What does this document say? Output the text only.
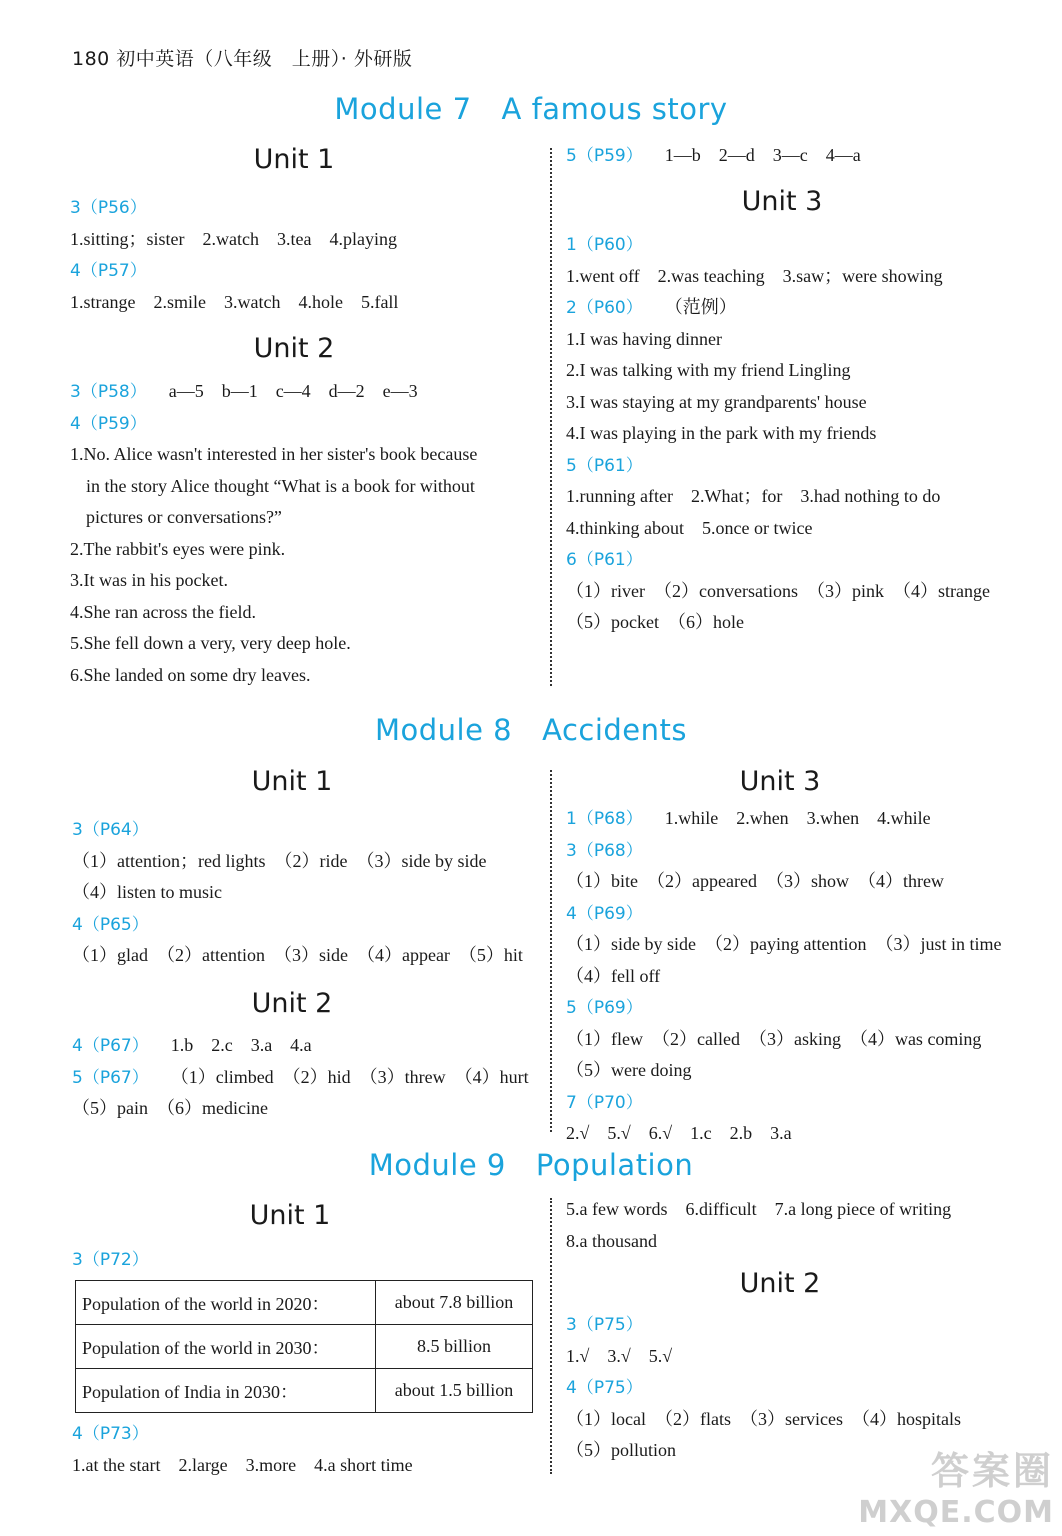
180 初中英语（八年级　上册）· 外研版
Module 7 A famous story
Unit 1
3（P56）
1.sitting；sister　2.watch　3.tea　4.playing
4（P57）
1.strange　2.smile　3.watch　4.hole　5.fall
Unit 2
3（P58） a—5　b—1　c—4　d—2　e—3
4（P59）
1.No. Alice wasn't interested in her sister's book because
in the story Alice thought “What is a book for without
pictures or conversations?”
2.The rabbit's eyes were pink.
3.It was in his pocket.
4.She ran across the field.
5.She fell down a very, very deep hole.
6.She landed on some dry leaves.
5（P59） 1—b　2—d　3—c　4—a
Unit 3
1（P60）
1.went off　2.was teaching　3.saw；were showing
2（P60） （范例）
1.I was having dinner
2.I was talking with my friend Lingling
3.I was staying at my grandparents' house
4.I was playing in the park with my friends
5（P61）
1.running after　2.What；for　3.had nothing to do
4.thinking about　5.once or twice
6（P61）
（1）river　（2）conversations　（3）pink　（4）strange
（5）pocket　（6）hole
Module 8 Accidents
Unit 1
3（P64）
（1）attention；red lights　（2）ride　（3）side by side
（4）listen to music
4（P65）
（1）glad　（2）attention　（3）side　（4）appear　（5）hit
Unit 2
4（P67） 1.b　2.c　3.a　4.a
5（P67） （1）climbed　（2）hid　（3）threw　（4）hurt
（5）pain　（6）medicine
Unit 3
1（P68） 1.while　2.when　3.when　4.while
3（P68）
（1）bite　（2）appeared　（3）show　（4）threw
4（P69）
（1）side by side　（2）paying attention　（3）just in time
（4）fell off
5（P69）
（1）flew　（2）called　（3）asking　（4）was coming
（5）were doing
7（P70）
2.√　5.√　6.√　1.c　2.b　3.a
Module 9 Population
Unit 1
3（P72）
Population of the world in 2020：	about 7.8 billion
Population of the world in 2030：	8.5 billion
Population of India in 2030：	about 1.5 billion
4（P73）
1.at the start　2.large　3.more　4.a short time
5.a few words　6.difficult　7.a long piece of writing
8.a thousand
Unit 2
3（P75）
1.√　3.√　5.√
4（P75）
（1）local　（2）flats　（3）services　（4）hospitals
（5）pollution	答案圈
MXQE.COM
